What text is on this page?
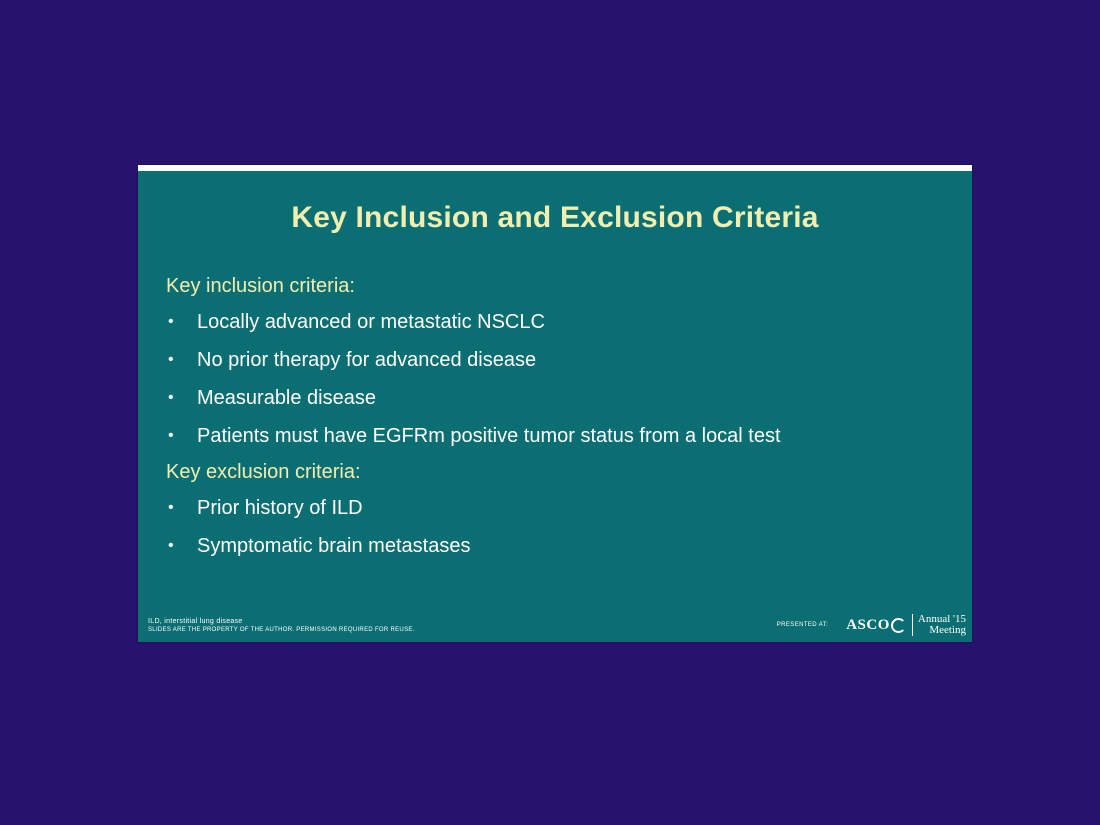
Key Inclusion and Exclusion Criteria
Key inclusion criteria:
• Locally advanced or metastatic NSCLC
• No prior therapy for advanced disease
• Measurable disease
• Patients must have EGFRm positive tumor status from a local test
Key exclusion criteria:
• Prior history of ILD
• Symptomatic brain metastases
ILD, interstitial lung disease
SLIDES ARE THE PROPERTY OF THE AUTHOR. PERMISSION REQUIRED FOR REUSE.
PRESENTED AT: ASCO	Annual '15
Meeting
